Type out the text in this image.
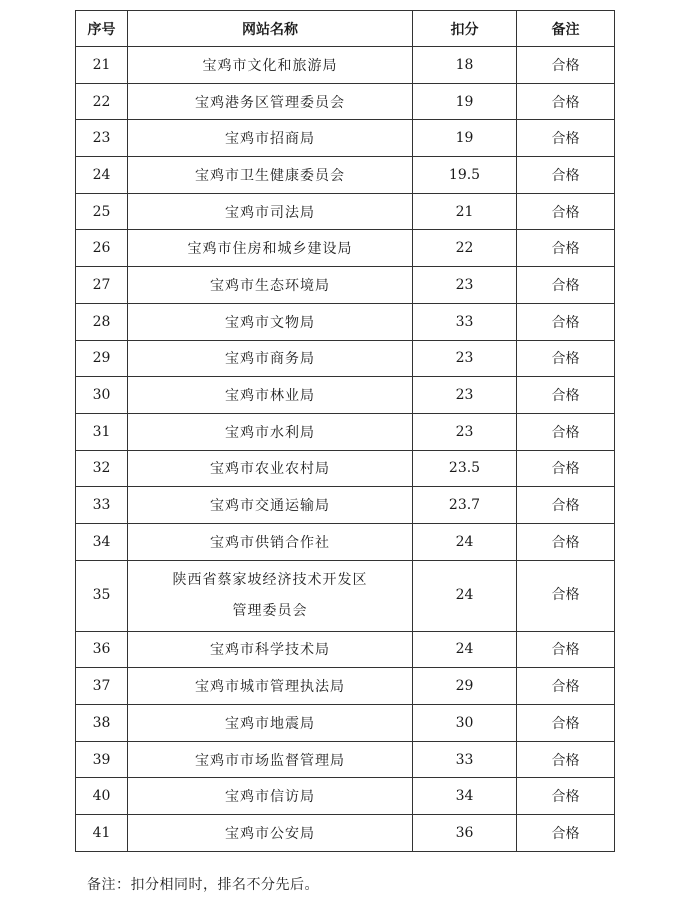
序号	网站名称	扣分	备注
21	宝鸡市文化和旅游局	18	合格
22	宝鸡港务区管理委员会	19	合格
23	宝鸡市招商局	19	合格
24	宝鸡市卫生健康委员会	19.5	合格
25	宝鸡市司法局	21	合格
26	宝鸡市住房和城乡建设局	22	合格
27	宝鸡市生态环境局	23	合格
28	宝鸡市文物局	33	合格
29	宝鸡市商务局	23	合格
30	宝鸡市林业局	23	合格
31	宝鸡市水利局	23	合格
32	宝鸡市农业农村局	23.5	合格
33	宝鸡市交通运输局	23.7	合格
34	宝鸡市供销合作社	24	合格
35	陕西省蔡家坡经济技术开发区
管理委员会	24	合格
36	宝鸡市科学技术局	24	合格
37	宝鸡市城市管理执法局	29	合格
38	宝鸡市地震局	30	合格
39	宝鸡市市场监督管理局	33	合格
40	宝鸡市信访局	34	合格
41	宝鸡市公安局	36	合格
备注：扣分相同时，排名不分先后。
